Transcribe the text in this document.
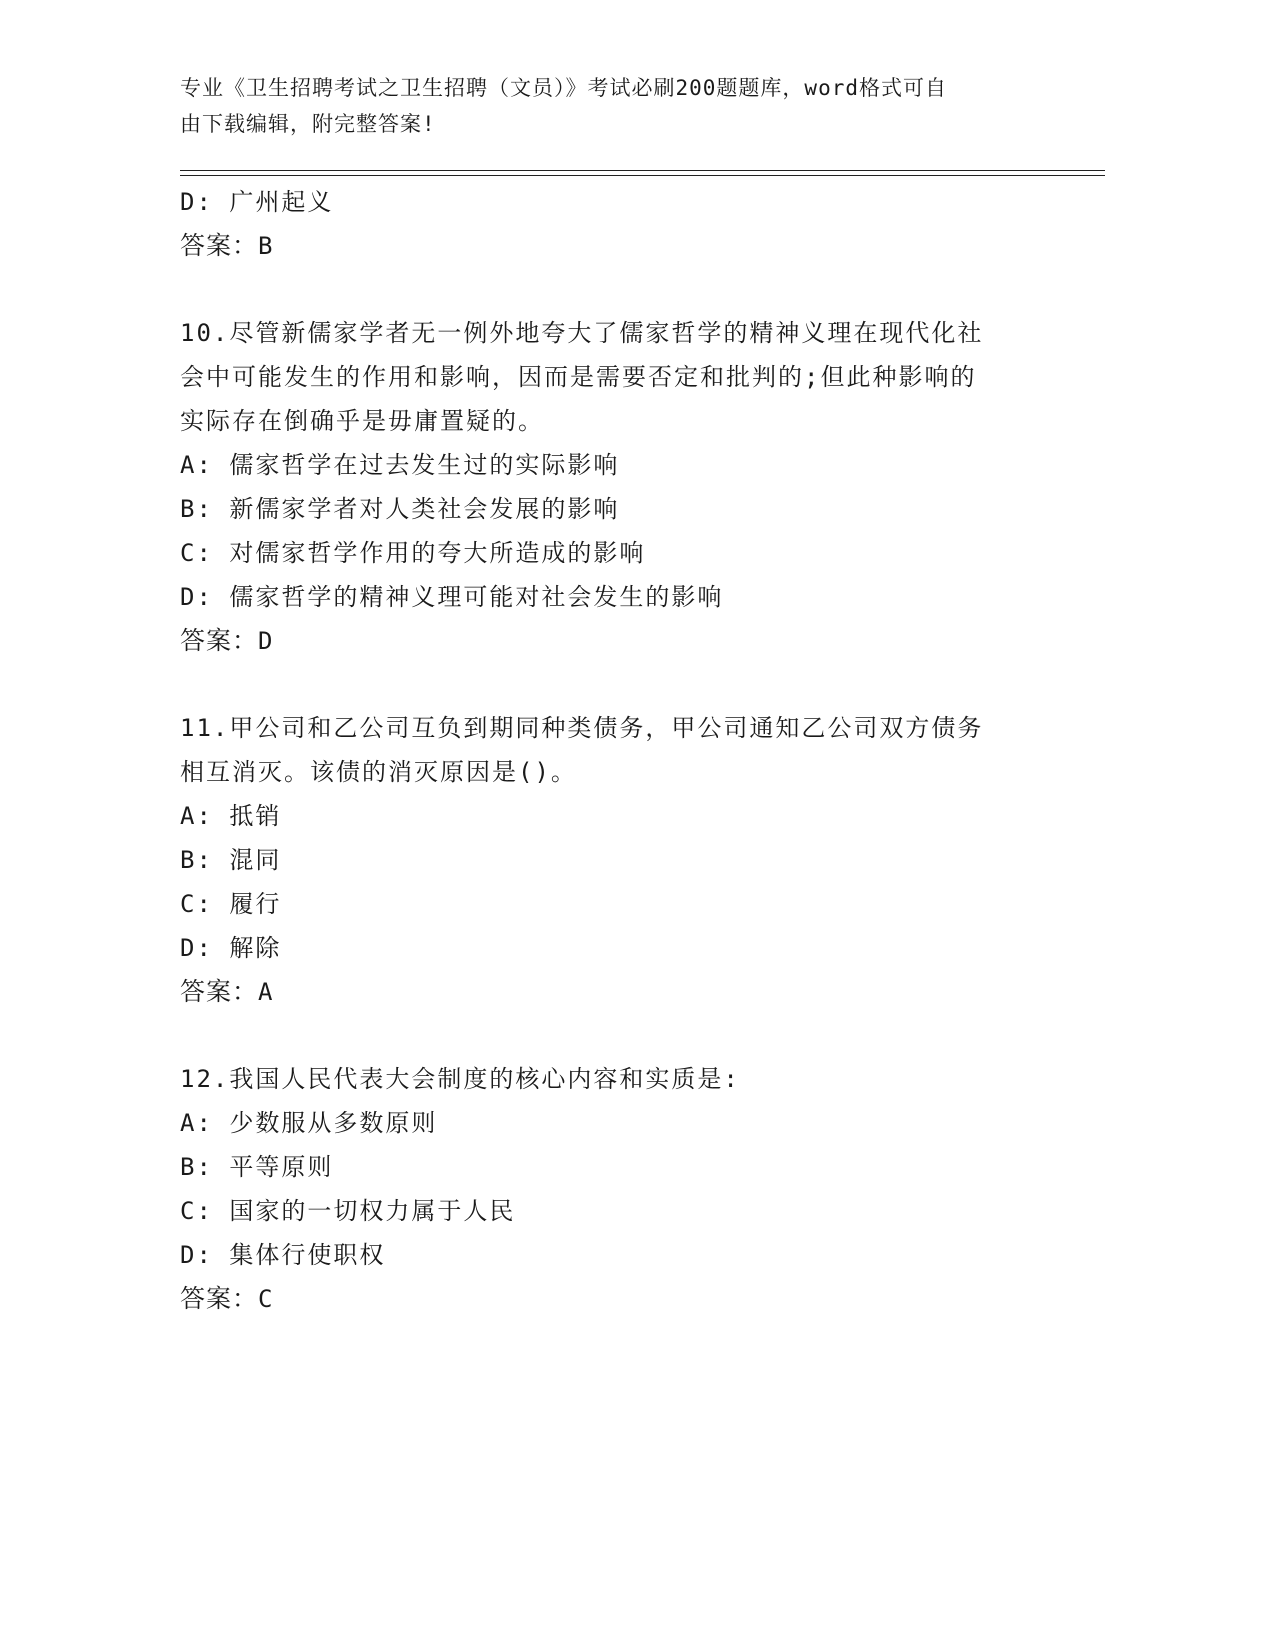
专业《卫生招聘考试之卫生招聘（文员）》考试必刷200题题库，word格式可自
由下载编辑，附完整答案!
D: 广州起义
答案：B
10.尽管新儒家学者无一例外地夸大了儒家哲学的精神义理在现代化社
会中可能发生的作用和影响，因而是需要否定和批判的;但此种影响的
实际存在倒确乎是毋庸置疑的。
A: 儒家哲学在过去发生过的实际影响
B: 新儒家学者对人类社会发展的影响
C: 对儒家哲学作用的夸大所造成的影响
D: 儒家哲学的精神义理可能对社会发生的影响
答案：D
11.甲公司和乙公司互负到期同种类债务，甲公司通知乙公司双方债务
相互消灭。该债的消灭原因是()。
A: 抵销
B: 混同
C: 履行
D: 解除
答案：A
12.我国人民代表大会制度的核心内容和实质是:
A: 少数服从多数原则
B: 平等原则
C: 国家的一切权力属于人民
D: 集体行使职权
答案：C
